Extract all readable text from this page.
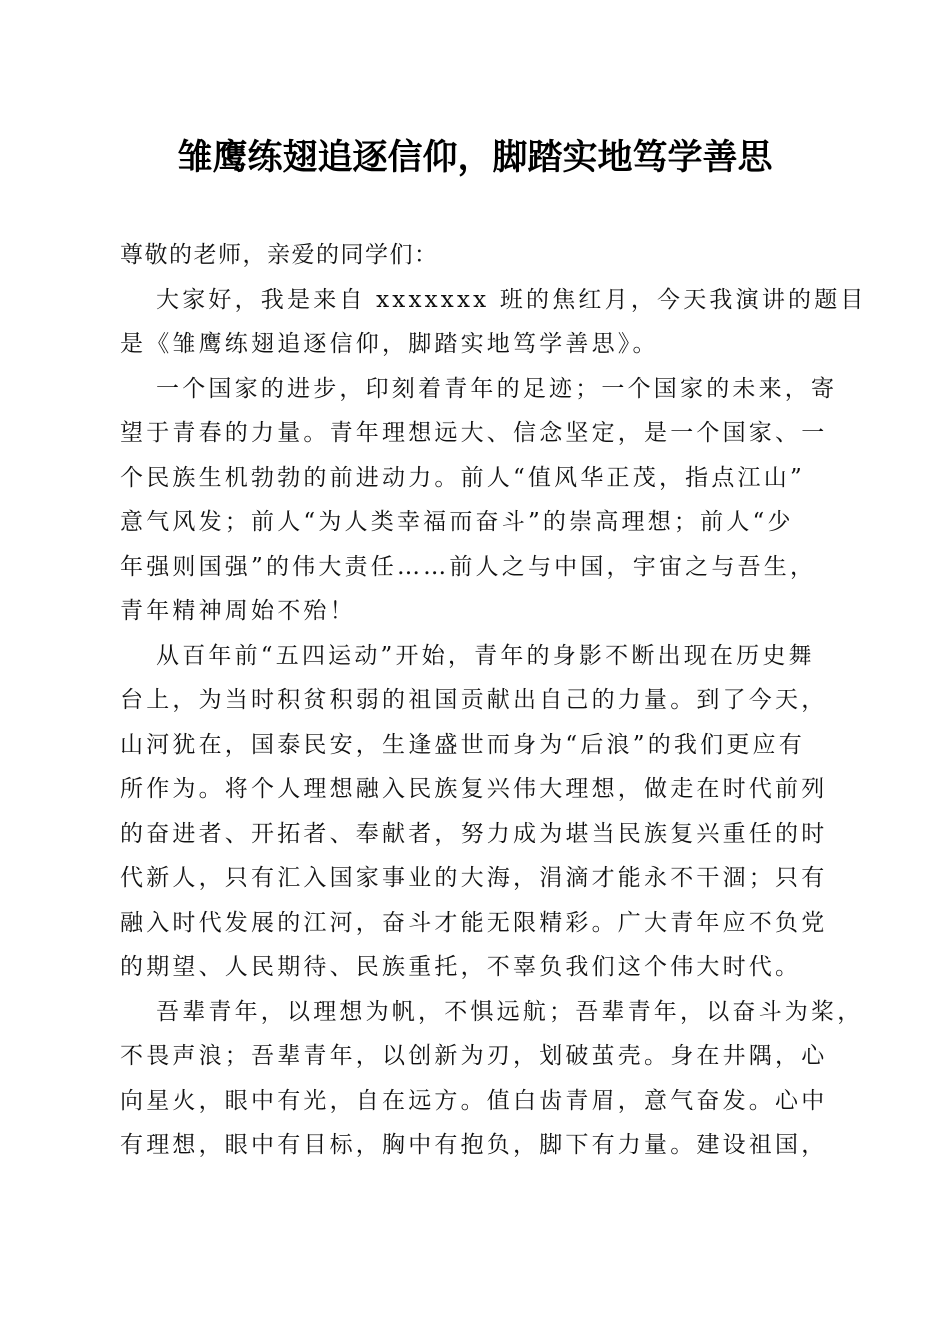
雏鹰练翅追逐信仰，脚踏实地笃学善思
尊敬的老师，亲爱的同学们：
大家好，我是来自 xxxxxxx 班的焦红月，今天我演讲的题目
是《雏鹰练翅追逐信仰，脚踏实地笃学善思》。
一个国家的进步，印刻着青年的足迹；一个国家的未来，寄
望于青春的力量。青年理想远大、信念坚定，是一个国家、一
个民族生机勃勃的前进动力。前人“值风华正茂，指点江山”
意气风发；前人“为人类幸福而奋斗”的崇高理想；前人“少
年强则国强”的伟大责任……前人之与中国，宇宙之与吾生，
青年精神周始不殆！
从百年前“五四运动”开始，青年的身影不断出现在历史舞
台上，为当时积贫积弱的祖国贡献出自己的力量。到了今天，
山河犹在，国泰民安，生逢盛世而身为“后浪”的我们更应有
所作为。将个人理想融入民族复兴伟大理想，做走在时代前列
的奋进者、开拓者、奉献者，努力成为堪当民族复兴重任的时
代新人，只有汇入国家事业的大海，涓滴才能永不干涸；只有
融入时代发展的江河，奋斗才能无限精彩。广大青年应不负党
的期望、人民期待、民族重托，不辜负我们这个伟大时代。
吾辈青年，以理想为帆，不惧远航；吾辈青年，以奋斗为桨，
不畏声浪；吾辈青年，以创新为刃，划破茧壳。身在井隅，心
向星火，眼中有光，自在远方。值白齿青眉，意气奋发。心中
有理想，眼中有目标，胸中有抱负，脚下有力量。建设祖国，
